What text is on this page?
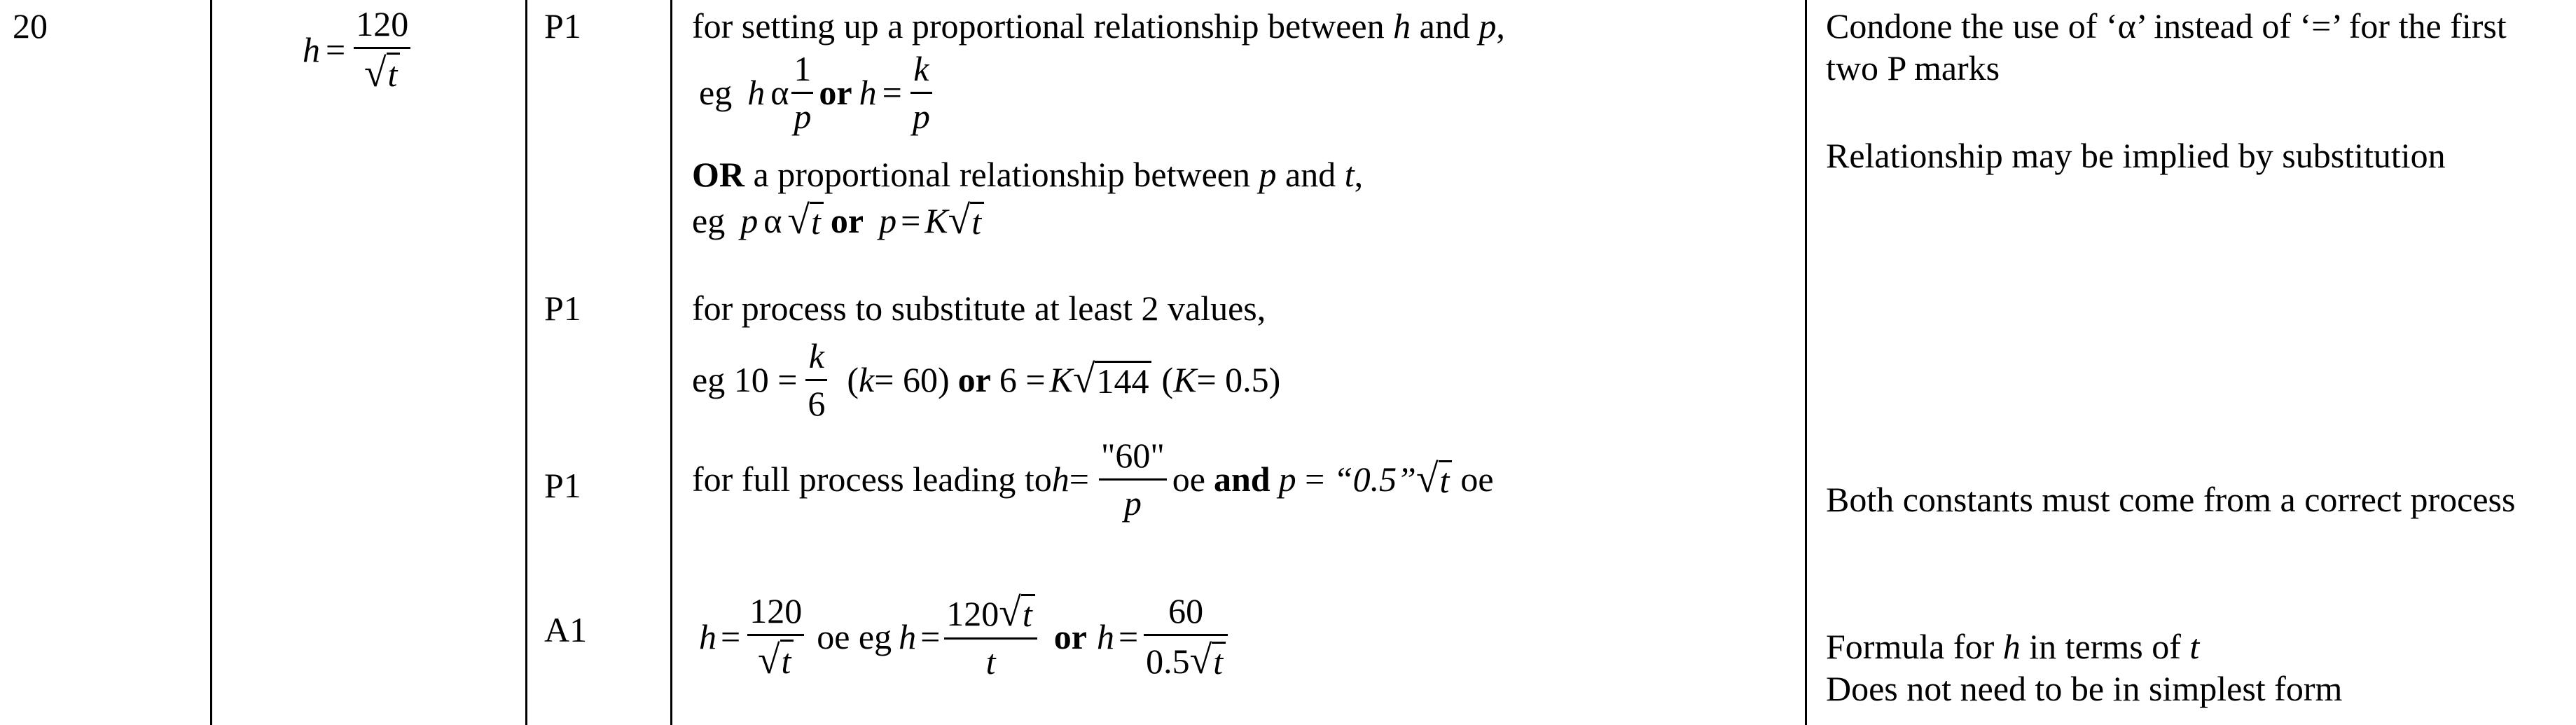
20
$h = \frac{120}{√t}$	P1
P1
P1
A1
for setting up a proportional relationship between h and p,
eg h α $\frac{1}{p}$ or $h = \frac{k}{p}$
OR a proportional relationship between p and t,
eg p α √ t or p = K √ t
for process to substitute at least 2 values,
eg $10 = \frac{k}{6}$ ( k = 60) or 6 = K √ 144 ( K = 0.5)
for full process leading to $h = \frac{"60"}{p}$ oe and p = “0.5” √ t oe
$h = \frac{120}{√t}$ oe eg $h = \frac{120 √ t}{t}$ or $h = \frac{60}{0.5 √ t}$
Condone the use of ‘α’ instead of ‘=’ for the first
two P marks
Relationship may be implied by substitution
Both constants must come from a correct process
Formula for h in terms of t
Does not need to be in simplest form
